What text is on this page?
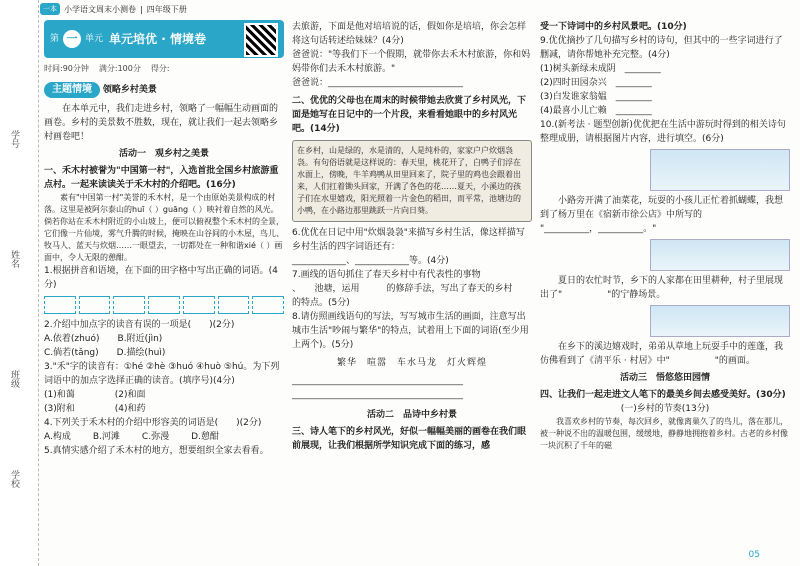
学号
姓名
班级
学校
一本 小学语文周末小测卷 | 四年级下册
第 一 单元 单元培优 · 情境卷
时间:90分钟 满分:100分 得分:
主题情境 领略乡村美景

在本单元中，我们走进乡村，领略了一幅幅生动画面的画卷。乡村的美景数不胜数，现在，就让我们一起去领略乡村画卷吧！

活动一　观乡村之美景

一、禾木村被誉为"中国第一村"，入选首批全国乡村旅游重点村。一起来读读关于禾木村的介绍吧。(16分)

素有"中国第一村"美誉的禾木村，是一个由原始美景构成的村落。这里是被阿尔泰山的huī（ ）guāng（ ）映衬着自然的风光。倘若你站在禾木村附近的小山坡上，便可以俯视整个禾木村的全景，它们像一片仙境，雾气升腾的时候，掩映在山谷间的小木屋，鸟儿、牧马人、蓝天与炊烟……一眼望去，一切都处在一种和谐xié（ ）画面中，令人无限的憩酣。

1.根据拼音和语境，在下面的田字格中写出正确的词语。(4分)

2.介绍中加点字的读音有误的一项是(　　)(2分)

A.依着(zhuó) B.附近(jìn)

C.倘若(tǎng) D.描绘(huì)

3."禾"字的读音有：①hé ②hè ③huó ④huò ⑤hú。为下列词语中的加点字选择正确的读音。(填序号)(4分)

(1)和蔼	(2)和面

(3)附和	(4)和药

4.下列关于禾木村的介绍中形容美的词语是(　　)(2分)

A.构成 B.河滩 C.弥漫 D.憩酣

5.真情实感介绍了禾木村的地方，想要组织全家去看看。

去旅游，下面是他对培培说的话，假如你是培培，你会怎样将这句话转述给妹妹？(4分)

爸爸说："等我们下一个假期，就带你去禾木村旅游，你和妈妈带你们去禾木村旅游。"

爸爸说：______________________________

二、优优的父母也在周末的时候带她去欣赏了乡村风光，下面是她写在日记中的一个片段，来看看她眼中的乡村风光吧。(14分)

在乡村，山是绿的，水是清的，人是纯朴的，家家户户炊烟袅袅。有句俗语就是这样说的：春天里，桃花开了，白鸭子们浮在水面上，傍晚，牛羊鸡鸭从田里回来了，院子里的鸡也会跟着出来，人们扛着锄头回家，开满了各色的花……夏天，小溪边的孩子们在水里嬉戏，阳光照着一片金色的稻田，而平常，池塘边的小鸭，在小路边那里跳跃一片向日葵。

6.优优在日记中用"炊烟袅袅"来描写乡村生活，像这样描写乡村生活的四字词语还有：

____________、____________等。(4分)

7.画线的语句抓住了春天乡村中有代表性的事物

、　　池塘，运用　　　的修辞手法，写出了春天的乡村　　　的特点。(5分)

8.请仿照画线语句的写法，写写城市生活的画面，注意写出城市生活"吵闹与繁华"的特点，试着用上下面的词语(至少用上两个)。(5分)

繁华　喧嚣　车水马龙　灯火辉煌

______________________________________

______________________________________

活动二　品诗中乡村景

三、诗人笔下的乡村风光，好似一幅幅美丽的画卷在我们眼前展现，让我们根据所学知识完成下面的练习，感

受一下诗词中的乡村风景吧。(10分)

9.优优摘抄了几句描写乡村的诗句，但其中的一些字词进行了删减，请你帮她补充完整。(4分)

(1)树头新绿未成阴　________

(2)四时田园杂兴　________

(3)白发谁家翁媪　________

(4)最喜小儿亡赖　________

10.(新考法 · 题型创新)优优把在生活中游玩时得到的相关诗句整理成册，请根据图片内容，进行填空。(6分)

小路旁开满了油菜花，玩耍的小孩儿正忙着抓蝴蝶，我想到了杨万里在《宿新市徐公店》中所写的

"__________，__________。"

夏日的农忙时节，乡下的人家都在田里耕种，村子里展现出了"　　　　　"的宁静场景。

在乡下的溪边嬉戏时，弟弟从草地上玩耍手中的莲蓬，我仿佛看到了《清平乐 · 村居》中"　　　　　"的画面。

活动三　悟悠悠田园情

四、让我们一起走进文人笔下的最美乡间去感受美好。(30分)

(一)乡村的节奏(13分)

我喜欢乡村的节奏，每次回乡，就像离巢久了的鸟儿，落在那儿，被一种说不出的温暖包围，缓缓地，静静地拥抱着乡村。古老的乡村像一块沉积了千年的磁

05
